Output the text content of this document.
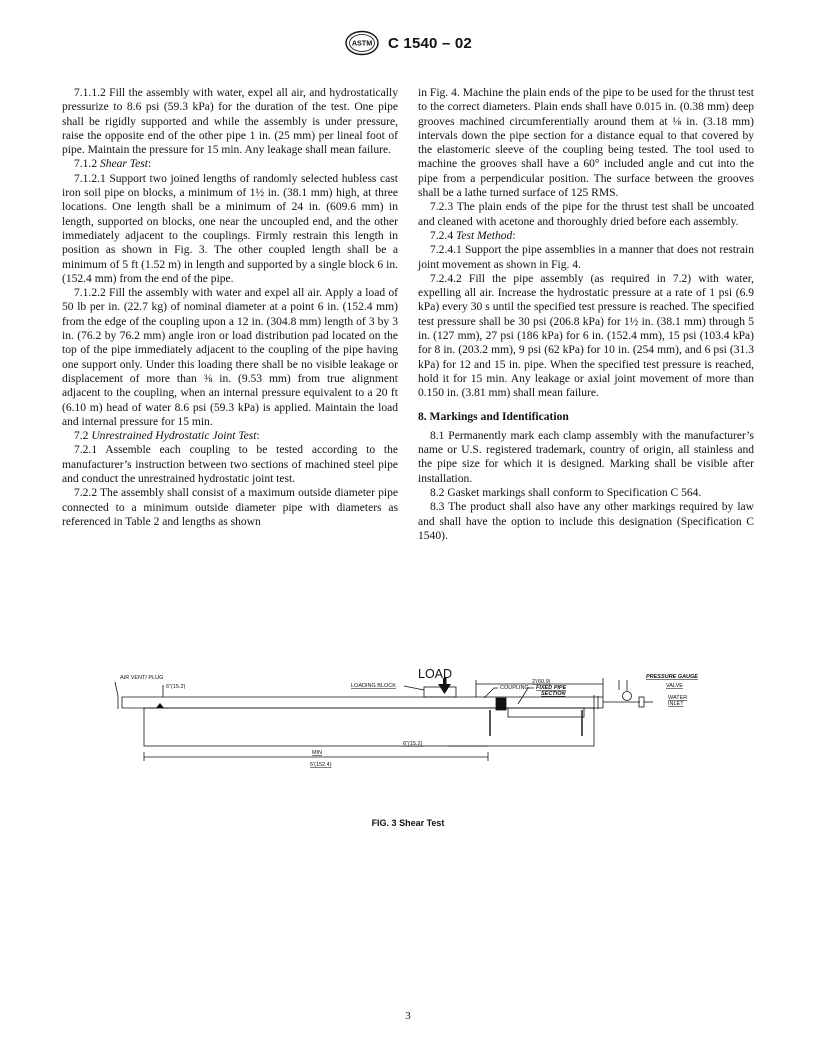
ASTM C 1540 – 02

7.1.1.2 Fill the assembly with water, expel all air, and hydrostatically pressurize to 8.6 psi (59.3 kPa) for the duration of the test. One pipe shall be rigidly supported and while the assembly is under pressure, raise the opposite end of the other pipe 1 in. (25 mm) per lineal foot of pipe. Maintain the pressure for 15 min. Any leakage shall mean failure.

7.1.2 Shear Test:

7.1.2.1 Support two joined lengths of randomly selected hubless cast iron soil pipe on blocks, a minimum of 1½ in. (38.1 mm) high, at three locations. One length shall be a minimum of 24 in. (609.6 mm) in length, supported on blocks, one near the uncoupled end, and the other immediately adjacent to the couplings. Firmly restrain this length in position as shown in Fig. 3. The other coupled length shall be a minimum of 5 ft (1.52 m) in length and supported by a single block 6 in. (152.4 mm) from the end of the pipe.

7.1.2.2 Fill the assembly with water and expel all air. Apply a load of 50 lb per in. (22.7 kg) of nominal diameter at a point 6 in. (152.4 mm) from the edge of the coupling upon a 12 in. (304.8 mm) length of 3 by 3 in. (76.2 by 76.2 mm) angle iron or load distribution pad located on the top of the pipe immediately adjacent to the coupling of the pipe having one support only. Under this loading there shall be no visible leakage or displacement of more than ⅜ in. (9.53 mm) from true alignment adjacent to the coupling, when an internal pressure equivalent to a 20 ft (6.10 m) head of water 8.6 psi (59.3 kPa) is applied. Maintain the load and internal pressure for 15 min.

7.2 Unrestrained Hydrostatic Joint Test:

7.2.1 Assemble each coupling to be tested according to the manufacturer’s instruction between two sections of machined steel pipe and conduct the unrestrained hydrostatic joint test.

7.2.2 The assembly shall consist of a maximum outside diameter pipe connected to a minimum outside diameter pipe with diameters as referenced in Table 2 and lengths as shown

in Fig. 4. Machine the plain ends of the pipe to be used for the thrust test to the correct diameters. Plain ends shall have 0.015 in. (0.38 mm) deep grooves machined circumferentially around them at ⅛ in. (3.18 mm) intervals down the pipe section for a distance equal to that covered by the elastomeric sleeve of the coupling being tested. The tool used to machine the grooves shall have a 60° included angle and cut into the pipe from a perpendicular position. The surface between the grooves shall be a lathe turned surface of 125 RMS.

7.2.3 The plain ends of the pipe for the thrust test shall be uncoated and cleaned with acetone and thoroughly dried before each assembly.

7.2.4 Test Method:

7.2.4.1 Support the pipe assemblies in a manner that does not restrain joint movement as shown in Fig. 4.

7.2.4.2 Fill the pipe assembly (as required in 7.2) with water, expelling all air. Increase the hydrostatic pressure at a rate of 1 psi (6.9 kPa) every 30 s until the specified test pressure is reached. The specified test pressure shall be 30 psi (206.8 kPa) for 1½ in. (38.1 mm) through 5 in. (127 mm), 27 psi (186 kPa) for 6 in. (152.4 mm), 15 psi (103.4 kPa) for 8 in. (203.2 mm), 9 psi (62 kPa) for 10 in. (254 mm), and 6 psi (31.3 kPa) for 12 and 15 in. pipe. When the specified test pressure is reached, hold it for 15 min. Any leakage or axial joint movement of more than 0.150 in. (3.81 mm) shall mean failure.

8. Markings and Identification

8.1 Permanently mark each clamp assembly with the manufacturer’s name or U.S. registered trademark, country of origin, all stainless and the pipe size for which it is designed. Marking shall be visible after installation.

8.2 Gasket markings shall conform to Specification C 564.

8.3 The product shall also have any other markings required by law and shall have the option to include this designation (Specification C 1540).

LOAD
AIR VENT/ PLUG
6"(15.2)	LOADING BLOCK	COUPLING
2'(60.9)
FIXED PIPE
SECTION
PRESSURE GAUGE
VALVE
WATER
INLET
6"(15.2)
MIN
5'(152.4)
FIG. 3 Shear Test
3
